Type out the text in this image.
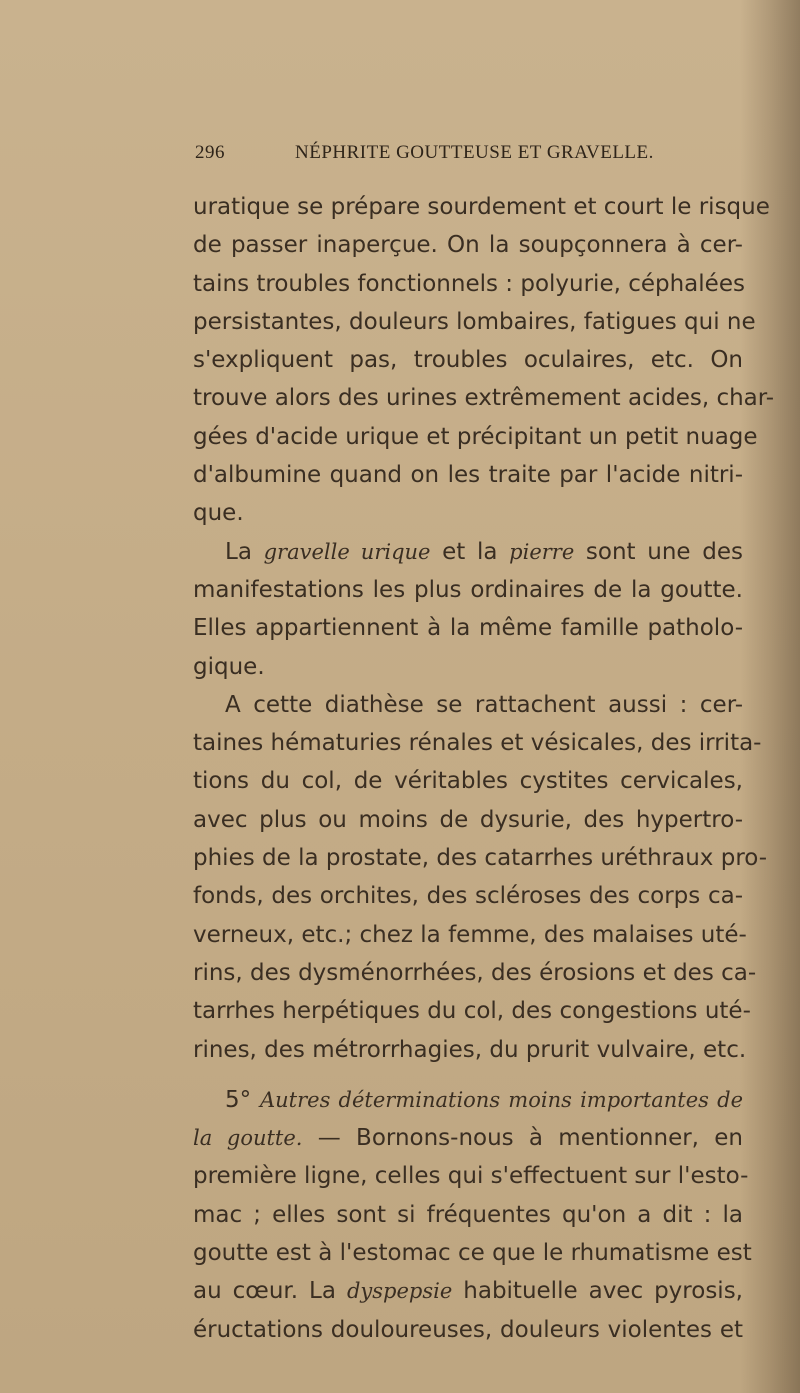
296	NÉPHRITE GOUTTEUSE ET GRAVELLE.
uratique se prépare sourdement et court le risque
de passer inaperçue. On la soupçonnera à cer-
tains troubles fonctionnels : polyurie, céphalées
persistantes, douleurs lombaires, fatigues qui ne
s'expliquent pas, troubles oculaires, etc. On
trouve alors des urines extrêmement acides, char-
gées d'acide urique et précipitant un petit nuage
d'albumine quand on les traite par l'acide nitri-
que.
La gravelle urique et la pierre sont une des
manifestations les plus ordinaires de la goutte.
Elles appartiennent à la même famille patholo-
gique.
A cette diathèse se rattachent aussi : cer-
taines hématuries rénales et vésicales, des irrita-
tions du col, de véritables cystites cervicales,
avec plus ou moins de dysurie, des hypertro-
phies de la prostate, des catarrhes uréthraux pro-
fonds, des orchites, des scléroses des corps ca-
verneux, etc.; chez la femme, des malaises uté-
rins, des dysménorrhées, des érosions et des ca-
tarrhes herpétiques du col, des congestions uté-
rines, des métrorrhagies, du prurit vulvaire, etc.
5° Autres déterminations moins importantes de
la goutte. — Bornons-nous à mentionner, en
première ligne, celles qui s'effectuent sur l'esto-
mac ; elles sont si fréquentes qu'on a dit : la
goutte est à l'estomac ce que le rhumatisme est
au cœur. La dyspepsie habituelle avec pyrosis,
éructations douloureuses, douleurs violentes et
